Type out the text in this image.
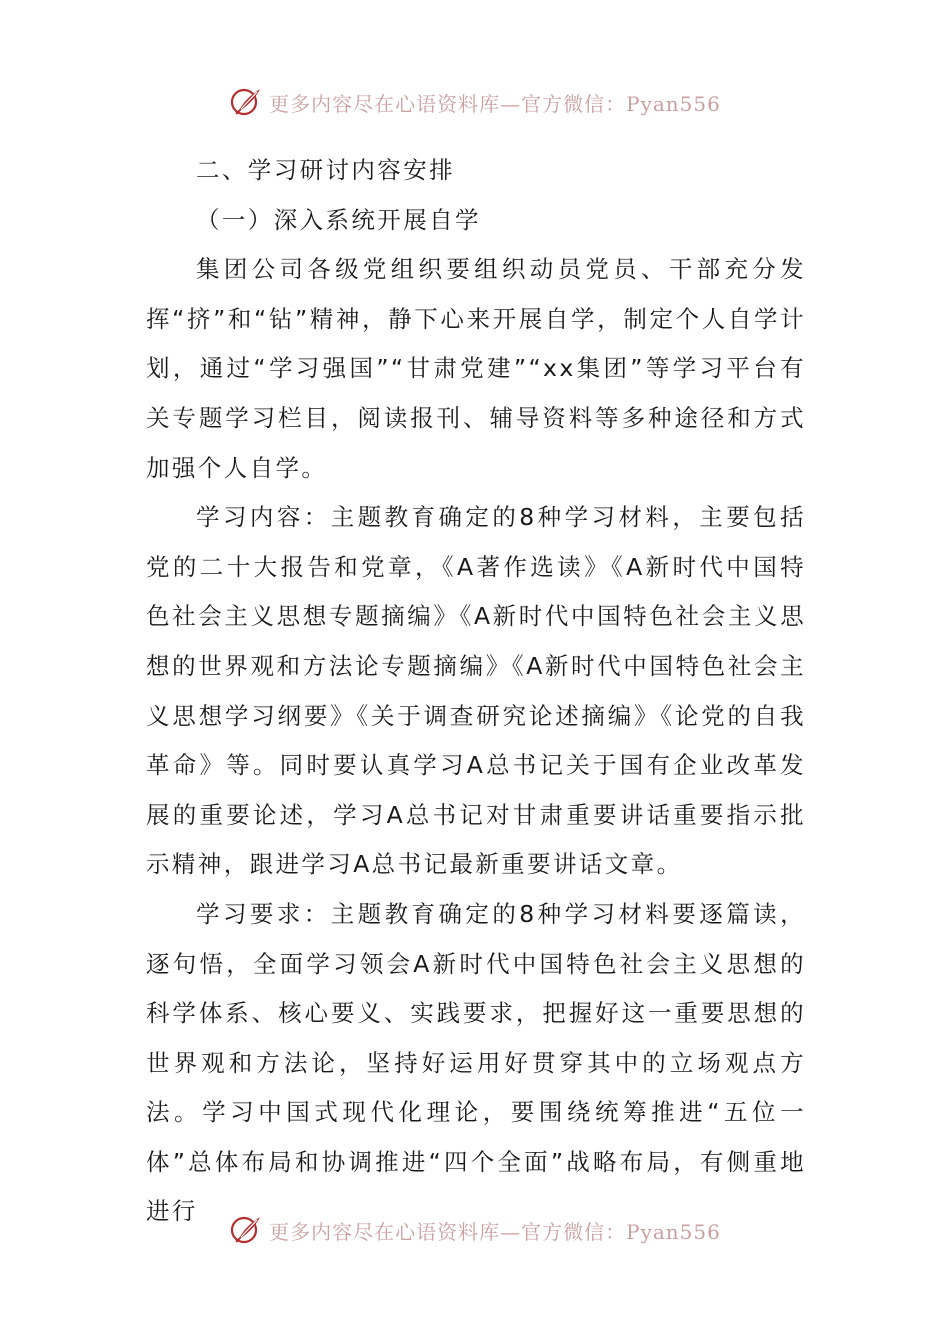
更多内容尽在心语资料库—官方微信：Pyan556

二、学习研讨内容安排

（一）深入系统开展自学

集团公司各级党组织要组织动员党员、干部充分发挥“挤”和“钻”精神，静下心来开展自学，制定个人自学计划，通过“学习强国”“甘肃党建”“xx集团”等学习平台有关专题学习栏目，阅读报刊、辅导资料等多种途径和方式加强个人自学。

学习内容：主题教育确定的8种学习材料，主要包括党的二十大报告和党章，《A著作选读》《A新时代中国特色社会主义思想专题摘编》《A新时代中国特色社会主义思想的世界观和方法论专题摘编》《A新时代中国特色社会主义思想学习纲要》《关于调查研究论述摘编》《论党的自我革命》等。同时要认真学习A总书记关于国有企业改革发展的重要论述，学习A总书记对甘肃重要讲话重要指示批示精神，跟进学习A总书记最新重要讲话文章。

学习要求：主题教育确定的8种学习材料要逐篇读，逐句悟，全面学习领会A新时代中国特色社会主义思想的科学体系、核心要义、实践要求，把握好这一重要思想的世界观和方法论，坚持好运用好贯穿其中的立场观点方法。学习中国式现代化理论，要围绕统筹推进“五位一体”总体布局和协调推进“四个全面”战略布局，有侧重地进行

更多内容尽在心语资料库—官方微信：Pyan556
